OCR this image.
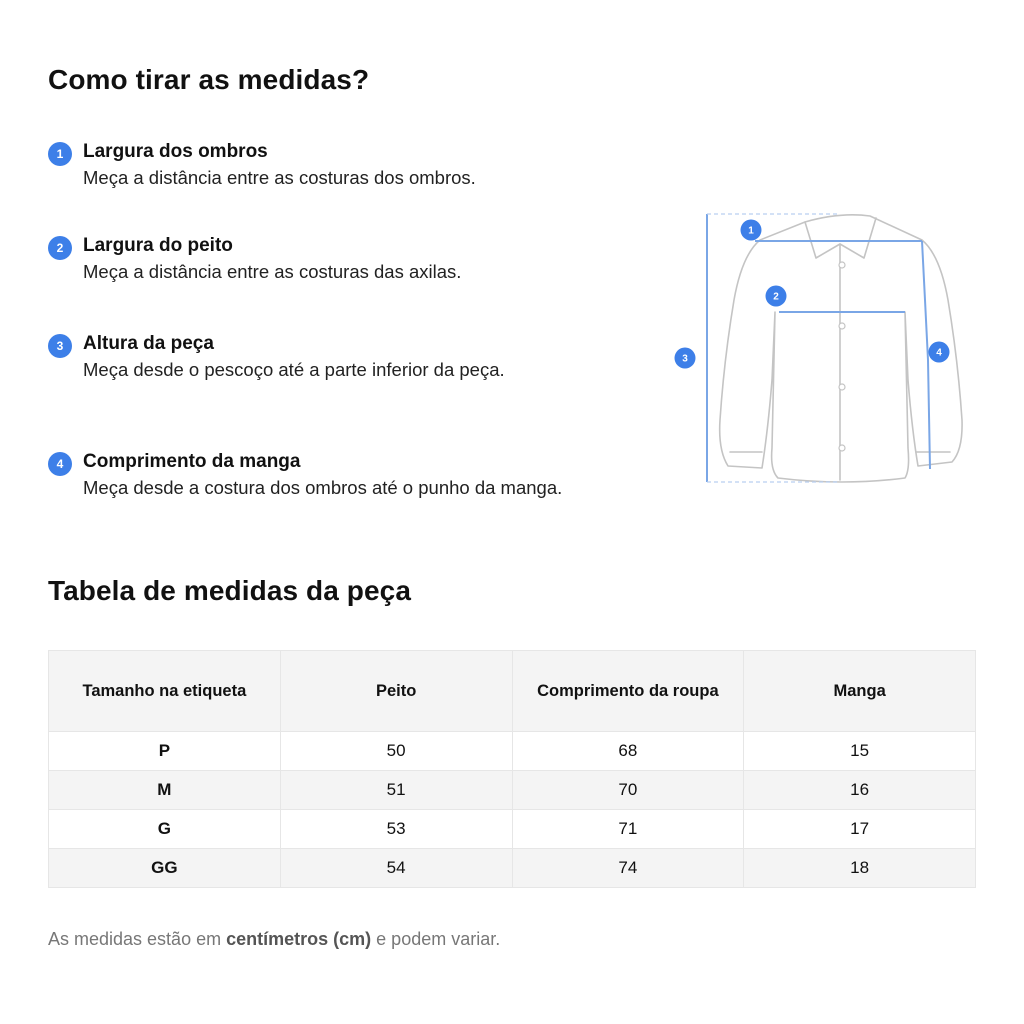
Como tirar as medidas?
1	Largura dos ombros
Meça a distância entre as costuras dos ombros.
2	Largura do peito
Meça a distância entre as costuras das axilas.
3	Altura da peça
Meça desde o pescoço até a parte inferior da peça.
4	Comprimento da manga
Meça desde a costura dos ombros até o punho da manga.
1
2
3
4
Tabela de medidas da peça
Tamanho na etiqueta	Peito	Comprimento da roupa	Manga
P	50	68	15
M	51	70	16
G	53	71	17
GG	54	74	18

As medidas estão em centímetros (cm) e podem variar.
